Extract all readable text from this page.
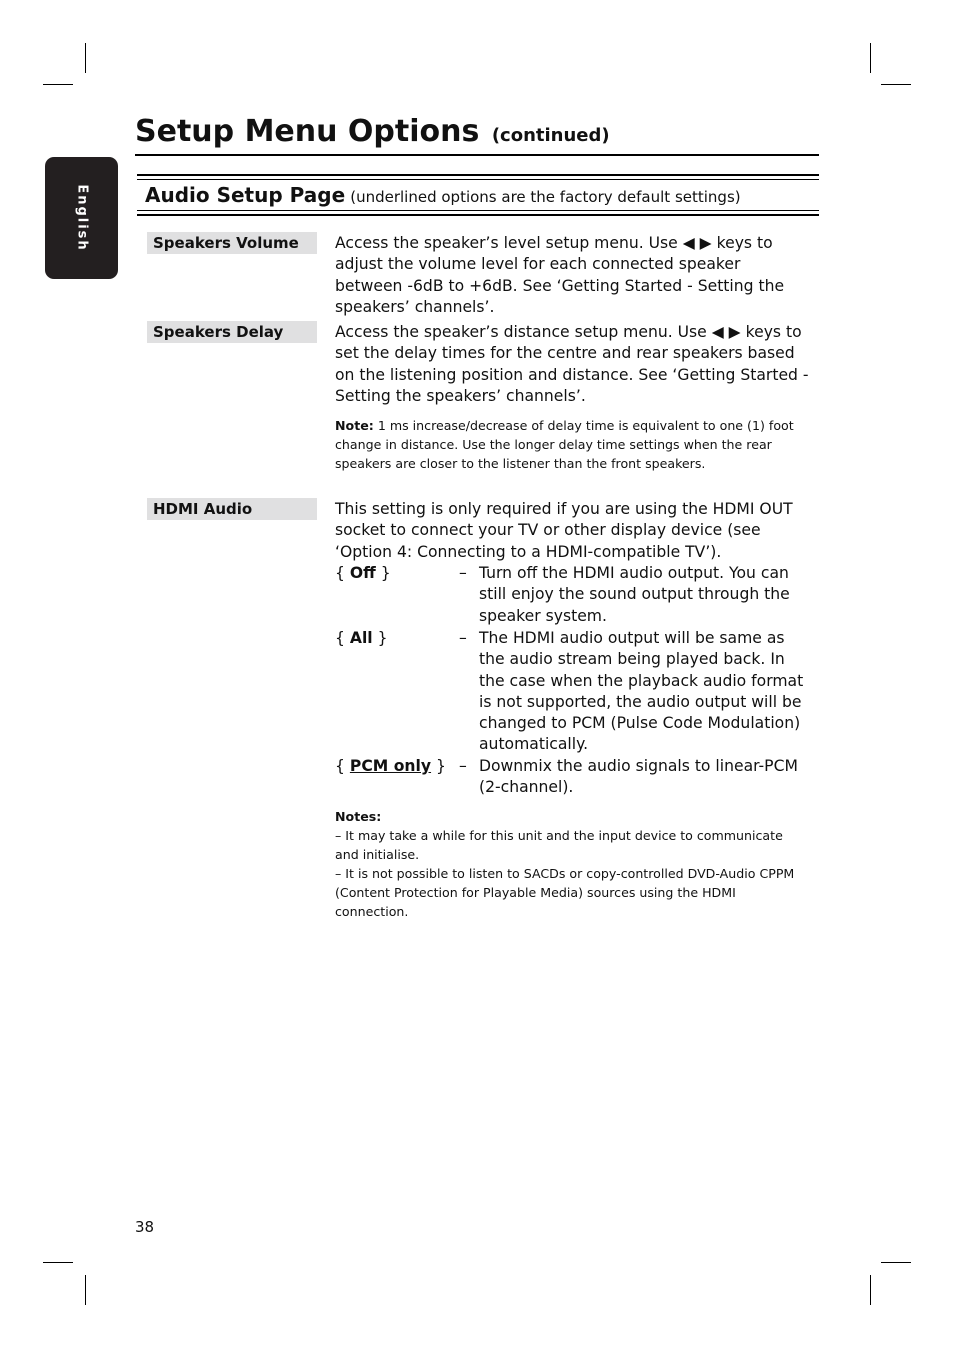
English
Setup Menu Options (continued)
Audio Setup Page (underlined options are the factory default settings)
Speakers Volume	Access the speaker’s level setup menu. Use ◀ ▶ keys to adjust the volume level for each connected speaker between -6dB to +6dB. See ‘Getting Started - Setting the speakers’ channels’.
Speakers Delay	Access the speaker’s distance setup menu. Use ◀ ▶ keys to set the delay times for the centre and rear speakers based on the listening position and distance. See ‘Getting Started - Setting the speakers’ channels’.
Note: 1 ms increase/decrease of delay time is equivalent to one (1) foot change in distance. Use the longer delay time settings when the rear speakers are closer to the listener than the front speakers.
HDMI Audio	This setting is only required if you are using the HDMI OUT socket to connect your TV or other display device (see ‘Option 4: Connecting to a HDMI-compatible TV’).
{ Off }	– Turn off the HDMI audio output. You can still enjoy the sound output through the speaker system.
{ All }	– The HDMI audio output will be same as the audio stream being played back. In the case when the playback audio format is not supported, the audio output will be changed to PCM (Pulse Code Modulation) automatically.
{ PCM only } – Downmix the audio signals to linear-PCM (2-channel).
Notes:
– It may take a while for this unit and the input device to communicate and initialise.
– It is not possible to listen to SACDs or copy-controlled DVD-Audio CPPM (Content Protection for Playable Media) sources using the HDMI connection.
38
